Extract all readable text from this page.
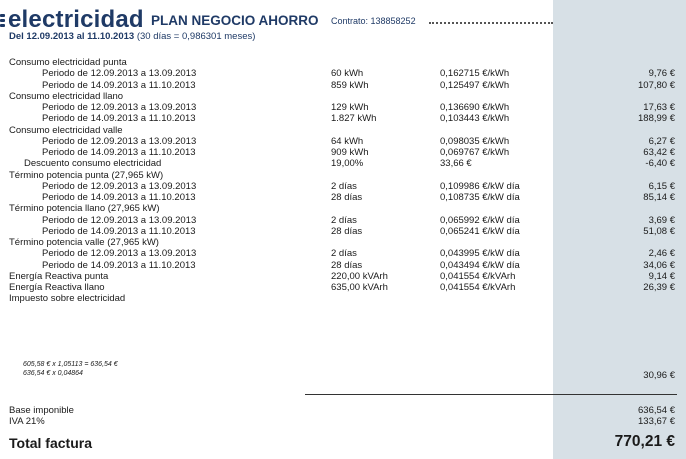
electricidad PLAN NEGOCIO AHORRO Contrato: 138858252
Del 12.09.2013 al 11.10.2013 (30 días = 0,986301 meses)
Consumo electricidad punta
Periodo de 12.09.2013 a 13.09.2013	60 kWh	0,162715 €/kWh	9,76 €
Periodo de 14.09.2013 a 11.10.2013	859 kWh	0,125497 €/kWh	107,80 €
Consumo electricidad llano
Periodo de 12.09.2013 a 13.09.2013	129 kWh	0,136690 €/kWh	17,63 €
Periodo de 14.09.2013 a 11.10.2013	1.827 kWh	0,103443 €/kWh	188,99 €
Consumo electricidad valle
Periodo de 12.09.2013 a 13.09.2013	64 kWh	0,098035 €/kWh	6,27 €
Periodo de 14.09.2013 a 11.10.2013	909 kWh	0,069767 €/kWh	63,42 €
Descuento consumo electricidad	19,00%	33,66 €	-6,40 €
Término potencia punta (27,965 kW)
Periodo de 12.09.2013 a 13.09.2013	2 días	0,109986 €/kW día	6,15 €
Periodo de 14.09.2013 a 11.10.2013	28 días	0,108735 €/kW día	85,14 €
Término potencia llano (27,965 kW)
Periodo de 12.09.2013 a 13.09.2013	2 días	0,065992 €/kW día	3,69 €
Periodo de 14.09.2013 a 11.10.2013	28 días	0,065241 €/kW día	51,08 €
Término potencia valle (27,965 kW)
Periodo de 12.09.2013 a 13.09.2013	2 días	0,043995 €/kW día	2,46 €
Periodo de 14.09.2013 a 11.10.2013	28 días	0,043494 €/kW día	34,06 €
Energía Reactiva punta	220,00 kVArh	0,041554 €/kVArh	9,14 €
Energía Reactiva llano	635,00 kVArh	0,041554 €/kVArh	26,39 €
Impuesto sobre electricidad
605,58 € x 1,05113 = 636,54 €
636,54 € x 0,04864	30,96 €
Base imponible	636,54 €
IVA 21%	133,67 €
Total factura	770,21 €
